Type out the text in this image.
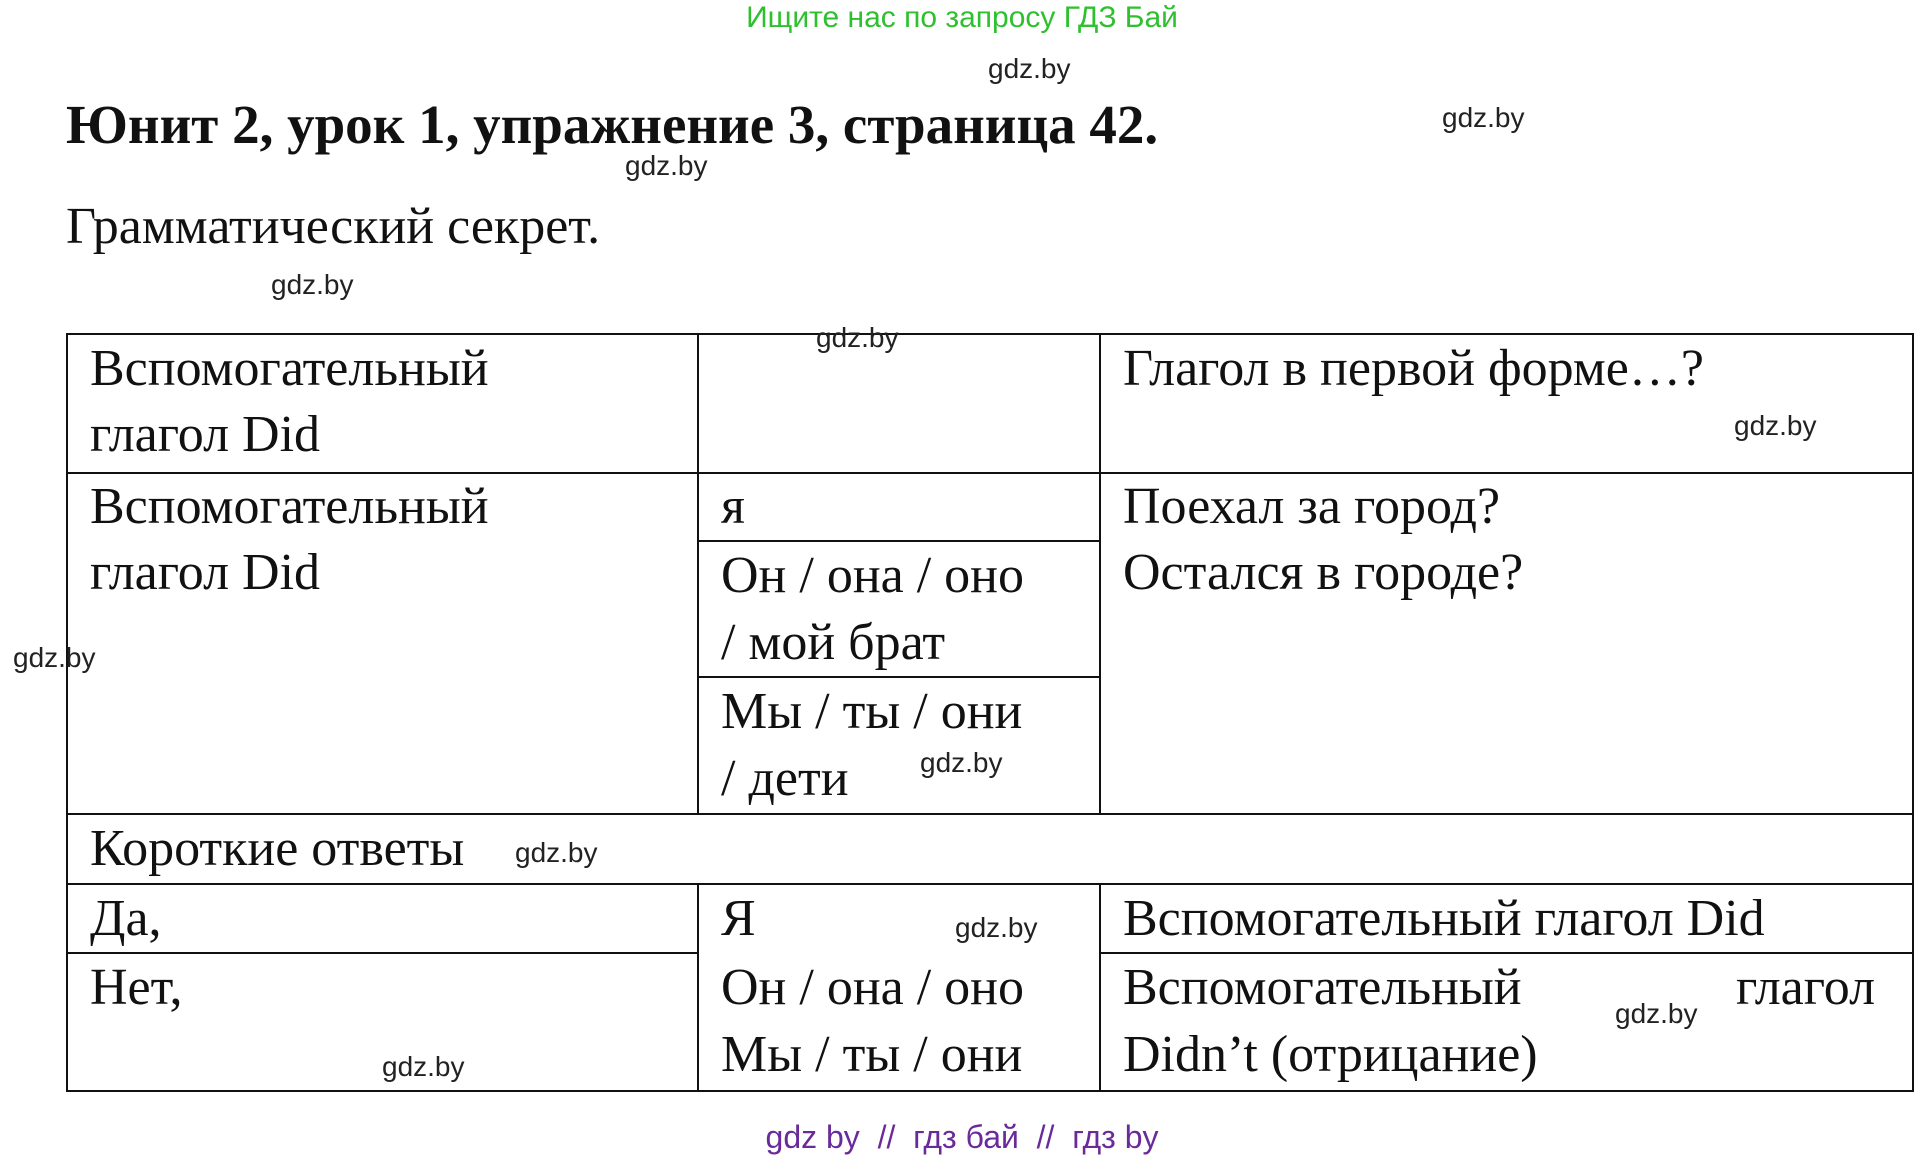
Ищите нас по запросу ГДЗ Бай
gdz.by
gdz.by
Юнит 2, урок 1, упражнение 3, страница 42.
gdz.by
Грамматический секрет.
gdz.by
Вспомогательный
глагол Did
Глагол в первой форме…?
Вспомогательный
глагол Did
я
Он / она / оно
/ мой брат
Мы / ты / они
/ дети
Поехал за город?
Остался в городе?
Короткие ответы
Да,
Нет,
Я
Он / она / оно
Мы / ты / они
Вспомогательный глагол Did
Вспомогательный	глагол
Didn’t (отрицание)
gdz.by
gdz.by
gdz.by
gdz.by
gdz.by
gdz.by
gdz.by
gdz.by
gdz by  //  гдз бай  //  гдз by
